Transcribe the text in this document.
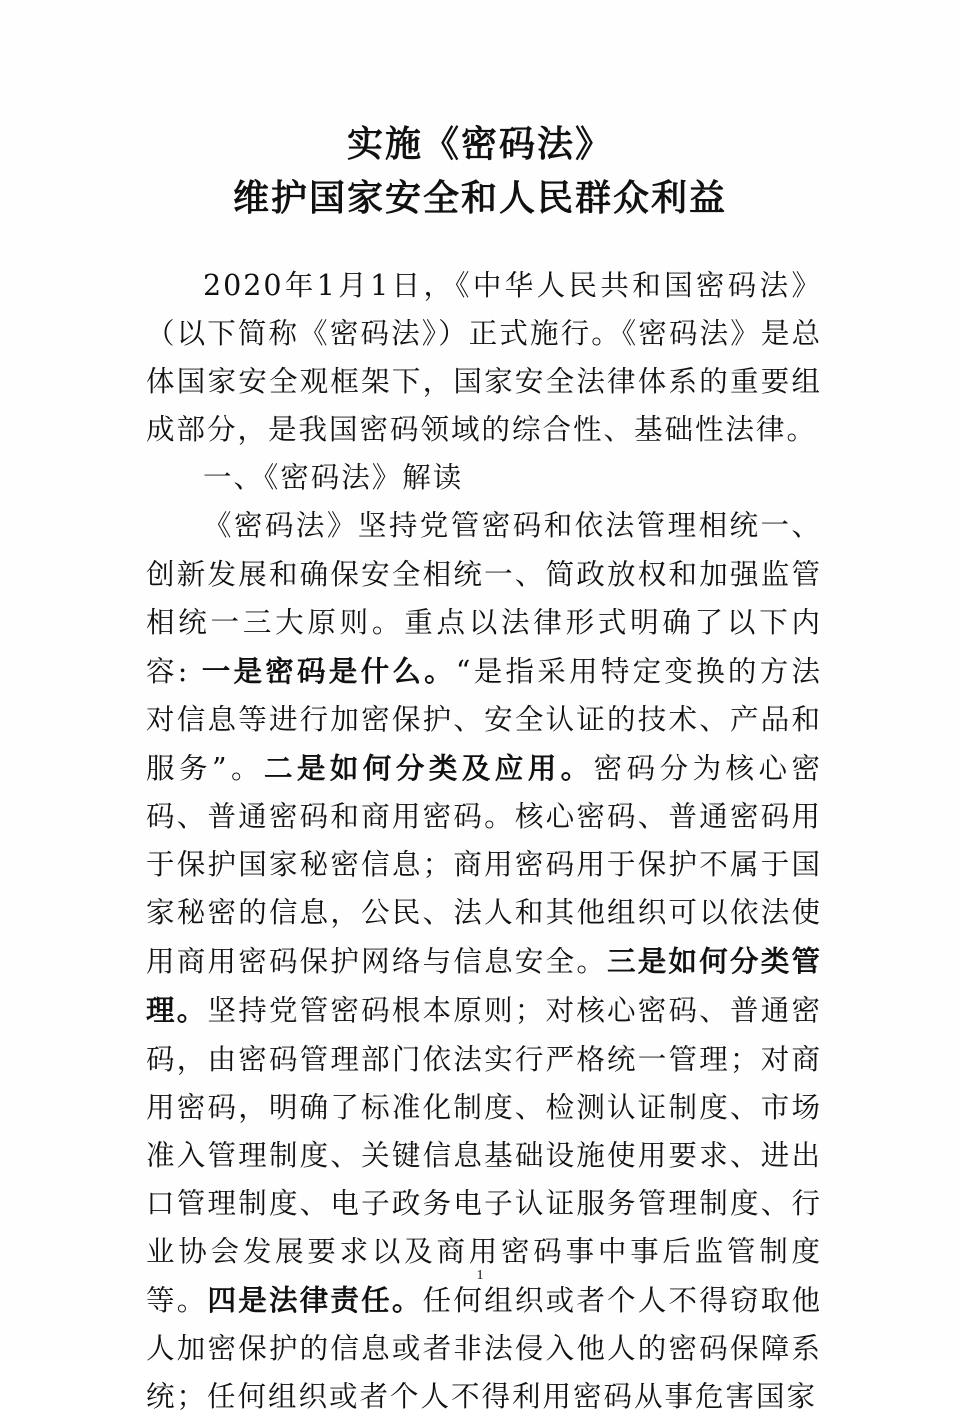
实施《密码法》
维护国家安全和人民群众利益

2020年1月1日，《中华人民共和国密码法》（以下简称《密码法》）正式施行。《密码法》是总体国家安全观框架下，国家安全法律体系的重要组成部分，是我国密码领域的综合性、基础性法律。

一、《密码法》解读

《密码法》坚持党管密码和依法管理相统一、创新发展和确保安全相统一、简政放权和加强监管相统一三大原则。重点以法律形式明确了以下内容: 一是密码是什么。“是指采用特定变换的方法对信息等进行加密保护、安全认证的技术、产品和服务”。二是如何分类及应用。密码分为核心密码、普通密码和商用密码。核心密码、普通密码用于保护国家秘密信息；商用密码用于保护不属于国家秘密的信息，公民、法人和其他组织可以依法使用商用密码保护网络与信息安全。三是如何分类管理。坚持党管密码根本原则；对核心密码、普通密码，由密码管理部门依法实行严格统一管理；对商用密码，明确了标准化制度、检测认证制度、市场准入管理制度、关键信息基础设施使用要求、进出口管理制度、电子政务电子认证服务管理制度、行业协会发展要求以及商用密码事中事后监管制度等。四是法律责任。任何组织或者个人不得窃取他人加密保护的信息或者非法侵入他人的密码保障系统；任何组织或者个人不得利用密码从事危害国家

1
